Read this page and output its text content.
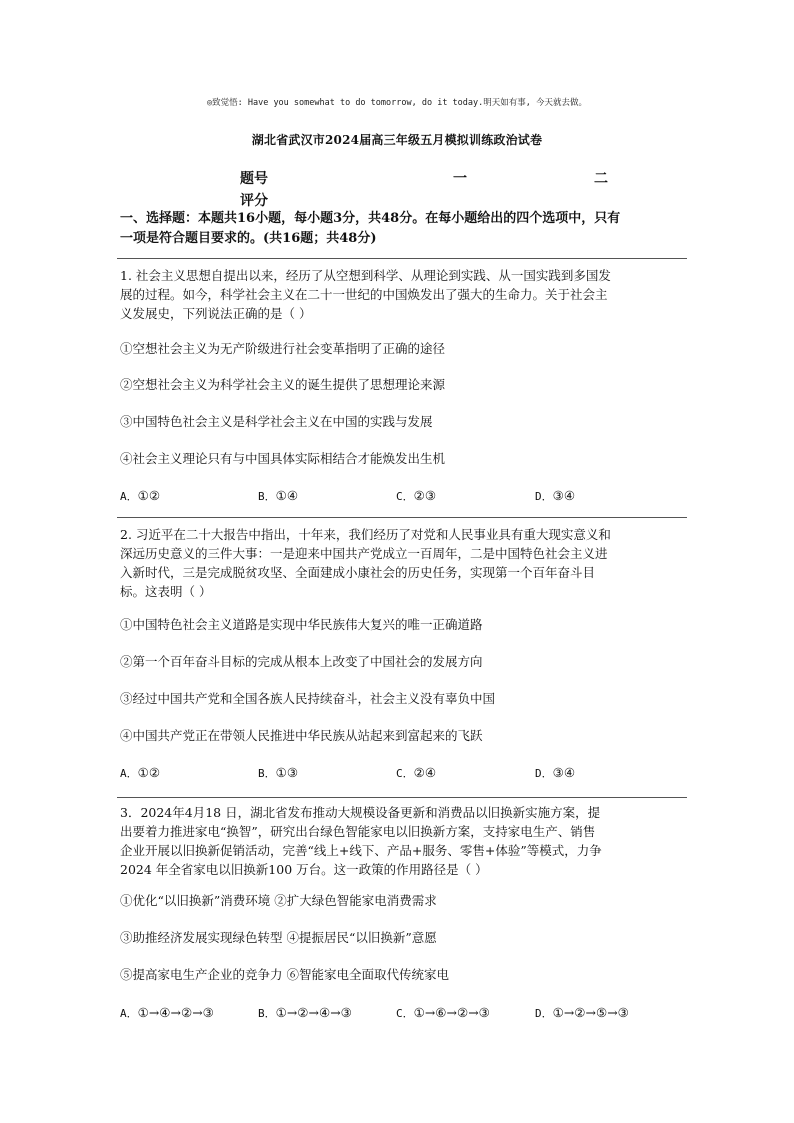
◎致觉悟: Have you somewhat to do tomorrow, do it today.明天如有事, 今天就去做。
湖北省武汉市2024届高三年级五月模拟训练政治试卷
题号	一	二
评分
一、选择题：本题共16小题，每小题3分，共48分。在每小题给出的四个选项中，只有
一项是符合题目要求的。(共16题；共48分)
1. 社会主义思想自提出以来，经历了从空想到科学、从理论到实践、从一国实践到多国发
展的过程。如今，科学社会主义在二十一世纪的中国焕发出了强大的生命力。关于社会主
义发展史，下列说法正确的是（ ）
①空想社会主义为无产阶级进行社会变革指明了正确的途径
②空想社会主义为科学社会主义的诞生提供了思想理论来源
③中国特色社会主义是科学社会主义在中国的实践与发展
④社会主义理论只有与中国具体实际相结合才能焕发出生机
A．①②	B．①④	C．②③	D．③④
2. 习近平在二十大报告中指出，十年来，我们经历了对党和人民事业具有重大现实意义和
深远历史意义的三件大事：一是迎来中国共产党成立一百周年，二是中国特色社会主义进
入新时代，三是完成脱贫攻坚、全面建成小康社会的历史任务，实现第一个百年奋斗目
标。这表明（ ）
①中国特色社会主义道路是实现中华民族伟大复兴的唯一正确道路
②第一个百年奋斗目标的完成从根本上改变了中国社会的发展方向
③经过中国共产党和全国各族人民持续奋斗，社会主义没有辜负中国
④中国共产党正在带领人民推进中华民族从站起来到富起来的飞跃
A．①②	B．①③	C．②④	D．③④
3．2024年4月18 日，湖北省发布推动大规模设备更新和消费品以旧换新实施方案，提
出要着力推进家电“换智”，研究出台绿色智能家电以旧换新方案，支持家电生产、销售
企业开展以旧换新促销活动，完善“线上+线下、产品+服务、零售+体验”等模式，力争
2024 年全省家电以旧换新100 万台。这一政策的作用路径是（ ）
①优化“以旧换新”消费环境 ②扩大绿色智能家电消费需求
③助推经济发展实现绿色转型 ④提振居民“以旧换新”意愿
⑤提高家电生产企业的竞争力 ⑥智能家电全面取代传统家电
A．①→④→②→③	B．①→②→④→③	C．①→⑥→②→③	D．①→②→⑤→③
